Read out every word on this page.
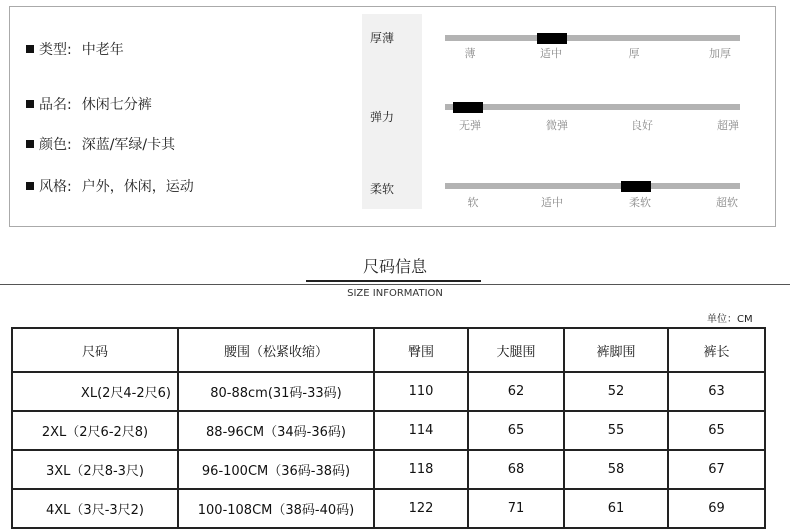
类型: 中老年
品名: 休闲七分裤
颜色: 深蓝/军绿/卡其
风格: 户外，休闲，运动
厚薄
薄	适中	厚	加厚
弹力
无弹	微弹	良好	超弹
柔软
软	适中	柔软	超软
尺码信息
SIZE INFORMATION
单位：CM
尺码	腰围（松紧收缩）	臀围	大腿围	裤脚围	裤长
XL(2尺4-2尺6)	80-88cm(31码-33码)	110	62	52	63
2XL（2尺6-2尺8)	88-96CM（34码-36码)	114	65	55	65
3XL（2尺8-3尺)	96-100CM（36码-38码)	118	68	58	67
4XL（3尺-3尺2)	100-108CM（38码-40码)	122	71	61	69
